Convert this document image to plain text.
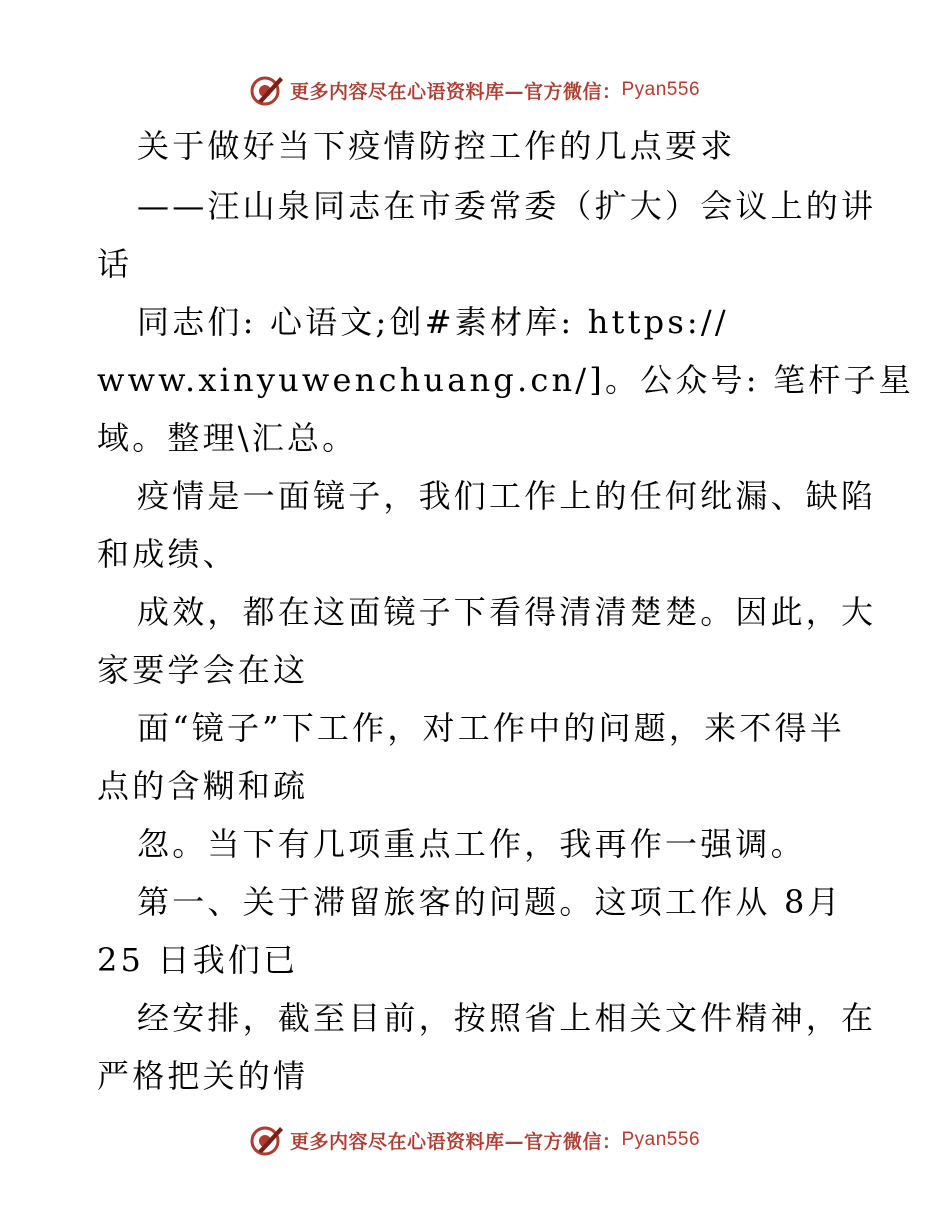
更多内容尽在心语资料库—官方微信： Pyan556
关于做好当下疫情防控工作的几点要求
——汪山泉同志在市委常委（扩大）会议上的讲
话
同志们: 心语文;创#素材库: https://
www.xinyuwenchuang.cn/]。公众号: 笔杆子星
域。整理\汇总。
疫情是一面镜子，我们工作上的任何纰漏、缺陷
和成绩、
成效，都在这面镜子下看得清清楚楚。因此，大
家要学会在这
面“镜子”下工作，对工作中的问题，来不得半
点的含糊和疏
忽。当下有几项重点工作，我再作一强调。
第一、关于滞留旅客的问题。这项工作从 8月
25 日我们已
经安排，截至目前，按照省上相关文件精神，在
严格把关的情
更多内容尽在心语资料库—官方微信： Pyan556
